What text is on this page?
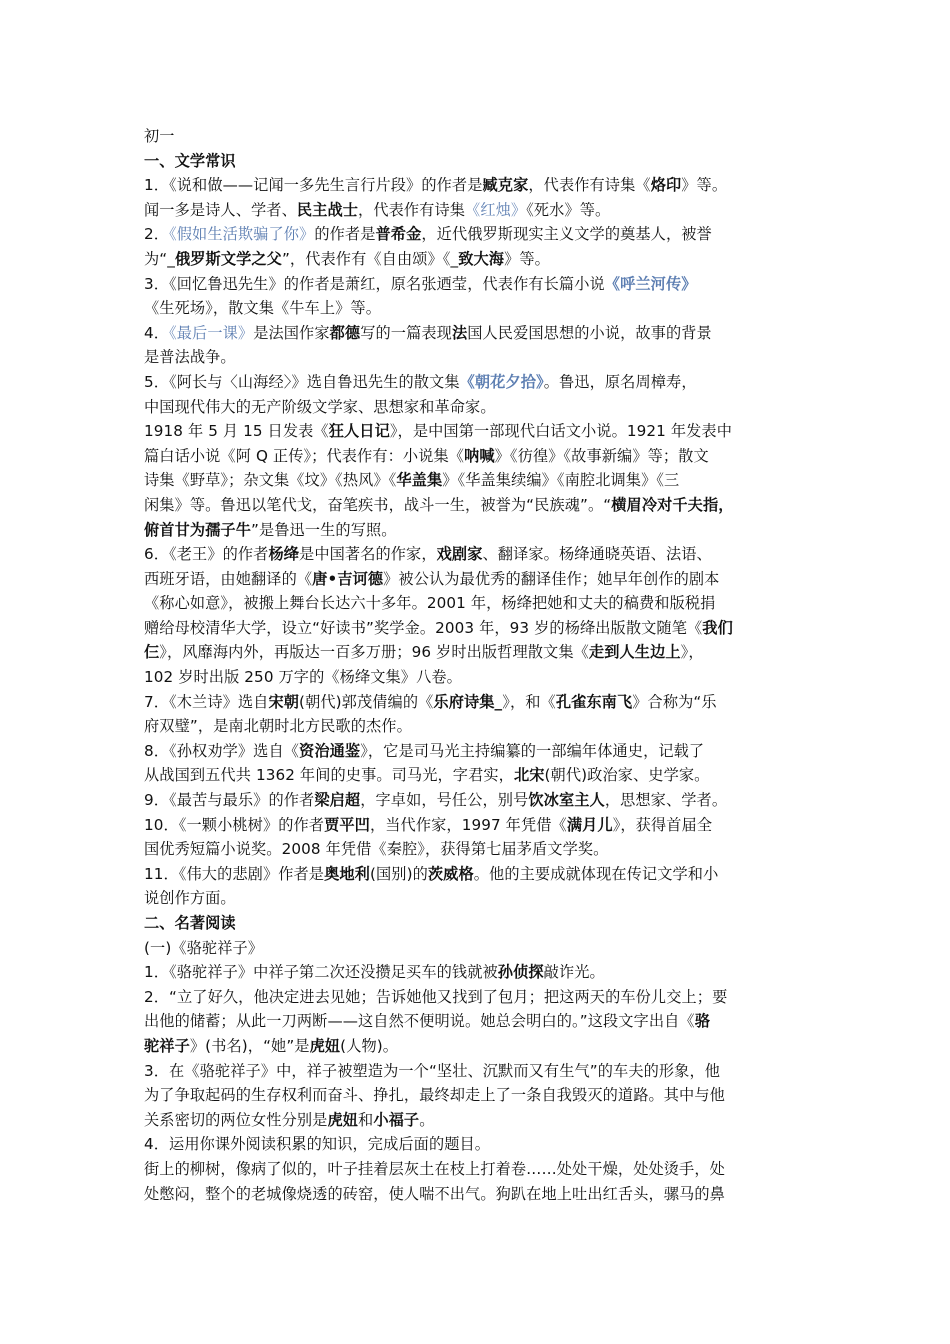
初一
一、文学常识
1．《说和做——记闻一多先生言行片段》的作者是臧克家，代表作有诗集《烙印》等。
闻一多是诗人、学者、民主战士，代表作有诗集《红烛》《死水》等。
2．《假如生活欺骗了你》的作者是普希金，近代俄罗斯现实主义文学的奠基人，被誉
为“_俄罗斯文学之父”，代表作有《自由颂》《_致大海》等。
3．《回忆鲁迅先生》的作者是萧红，原名张迺莹，代表作有长篇小说《呼兰河传》
《生死场》，散文集《牛车上》等。
4．《最后一课》是法国作家都德写的一篇表现法国人民爱国思想的小说，故事的背景
是普法战争。
5．《阿长与〈山海经〉》选自鲁迅先生的散文集《朝花夕拾》。鲁迅，原名周樟寿，
中国现代伟大的无产阶级文学家、思想家和革命家。
1918 年 5 月 15 日发表《狂人日记》，是中国第一部现代白话文小说。1921 年发表中
篇白话小说《阿 Q 正传》；代表作有：小说集《呐喊》《彷徨》《故事新编》等；散文
诗集《野草》；杂文集《坟》《热风》《华盖集》《华盖集续编》《南腔北调集》《三
闲集》等。鲁迅以笔代戈，奋笔疾书，战斗一生，被誉为“民族魂”。“横眉冷对千夫指，
俯首甘为孺子牛”是鲁迅一生的写照。
6．《老王》的作者杨绛是中国著名的作家，戏剧家、翻译家。杨绛通晓英语、法语、
西班牙语，由她翻译的《唐•吉诃德》被公认为最优秀的翻译佳作；她早年创作的剧本
《称心如意》，被搬上舞台长达六十多年。2001 年，杨绛把她和丈夫的稿费和版税捐
赠给母校清华大学，设立“好读书”奖学金。2003 年，93 岁的杨绛出版散文随笔《我们
仨》，风靡海内外，再版达一百多万册；96 岁时出版哲理散文集《走到人生边上》，
102 岁时出版 250 万字的《杨绛文集》八卷。
7．《木兰诗》选自宋朝(朝代)郭茂倩编的《乐府诗集_》，和《孔雀东南飞》合称为“乐
府双璧”，是南北朝时北方民歌的杰作。
8．《孙权劝学》选自《资治通鉴》，它是司马光主持编纂的一部编年体通史，记载了
从战国到五代共 1362 年间的史事。司马光，字君实，北宋(朝代)政治家、史学家。
9．《最苦与最乐》的作者梁启超，字卓如，号任公，别号饮冰室主人，思想家、学者。
10．《一颗小桃树》的作者贾平凹，当代作家，1997 年凭借《满月儿》，获得首届全
国优秀短篇小说奖。2008 年凭借《秦腔》，获得第七届茅盾文学奖。
11．《伟大的悲剧》作者是奥地利(国别)的茨威格。他的主要成就体现在传记文学和小
说创作方面。
二、名著阅读
(一)《骆驼祥子》
1．《骆驼祥子》中祥子第二次还没攒足买车的钱就被孙侦探敲诈光。
2．“立了好久，他决定进去见她；告诉她他又找到了包月；把这两天的车份儿交上；要
出他的储蓄；从此一刀两断——这自然不便明说。她总会明白的。”这段文字出自《骆
驼祥子》(书名)，“她”是虎妞(人物)。
3．在《骆驼祥子》中，祥子被塑造为一个“坚壮、沉默而又有生气”的车夫的形象，他
为了争取起码的生存权利而奋斗、挣扎，最终却走上了一条自我毁灭的道路。其中与他
关系密切的两位女性分别是虎妞和小福子。
4．运用你课外阅读积累的知识，完成后面的题目。
街上的柳树，像病了似的，叶子挂着层灰土在枝上打着卷……处处干燥，处处烫手，处
处憋闷，整个的老城像烧透的砖窑，使人喘不出气。狗趴在地上吐出红舌头，骡马的鼻
